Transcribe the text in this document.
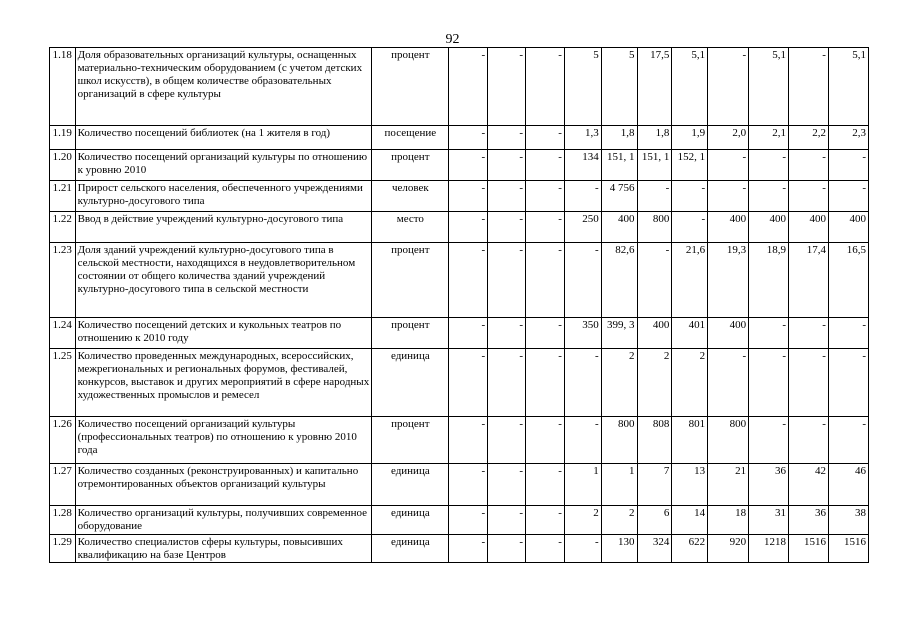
92
1.18	Доля образовательных организаций культуры, оснащенных материально-техническим оборудованием (с учетом детских школ искусств), в общем количестве образовательных организаций в сфере культуры	процент	-	-	-	5	5	17,5	5,1	-	5,1	-	5,1
1.19	Количество посещений библиотек (на 1 жителя в год)	посещение	-	-	-	1,3	1,8	1,8	1,9	2,0	2,1	2,2	2,3
1.20	Количество посещений организаций культуры по отношению к уровню 2010	процент	-	-	-	134	151, 1	151, 1	152, 1	-	-	-	-
1.21	Прирост сельского населения, обеспеченного учреждениями культурно-досугового типа	человек	-	-	-	-	4 756	-	-	-	-	-	-
1.22	Ввод в действие учреждений культурно-досугового типа	место	-	-	-	250	400	800	-	400	400	400	400
1.23	Доля зданий учреждений культурно-досугового типа в сельской местности, находящихся в неудовлетворительном состоянии от общего количества зданий учреждений культурно-досугового типа в сельской местности	процент	-	-	-	-	82,6	-	21,6	19,3	18,9	17,4	16,5
1.24	Количество посещений детских и кукольных театров по отношению к 2010 году	процент	-	-	-	350	399, 3	400	401	400	-	-	-
1.25	Количество проведенных международных, всероссийских, межрегиональных и региональных форумов, фестивалей, конкурсов, выставок и других мероприятий в сфере народных художественных промыслов и ремесел	единица	-	-	-	-	2	2	2	-	-	-	-
1.26	Количество посещений организаций культуры (профессиональных театров) по отношению к уровню 2010 года	процент	-	-	-	-	800	808	801	800	-	-	-
1.27	Количество созданных (реконструированных) и капитально отремонтированных объектов организаций культуры	единица	-	-	-	1	1	7	13	21	36	42	46
1.28	Количество организаций культуры, получивших современное оборудование	единица	-	-	-	2	2	6	14	18	31	36	38
1.29	Количество специалистов сферы культуры, повысивших квалификацию на базе Центров	единица	-	-	-	-	130	324	622	920	1218	1516	1516
